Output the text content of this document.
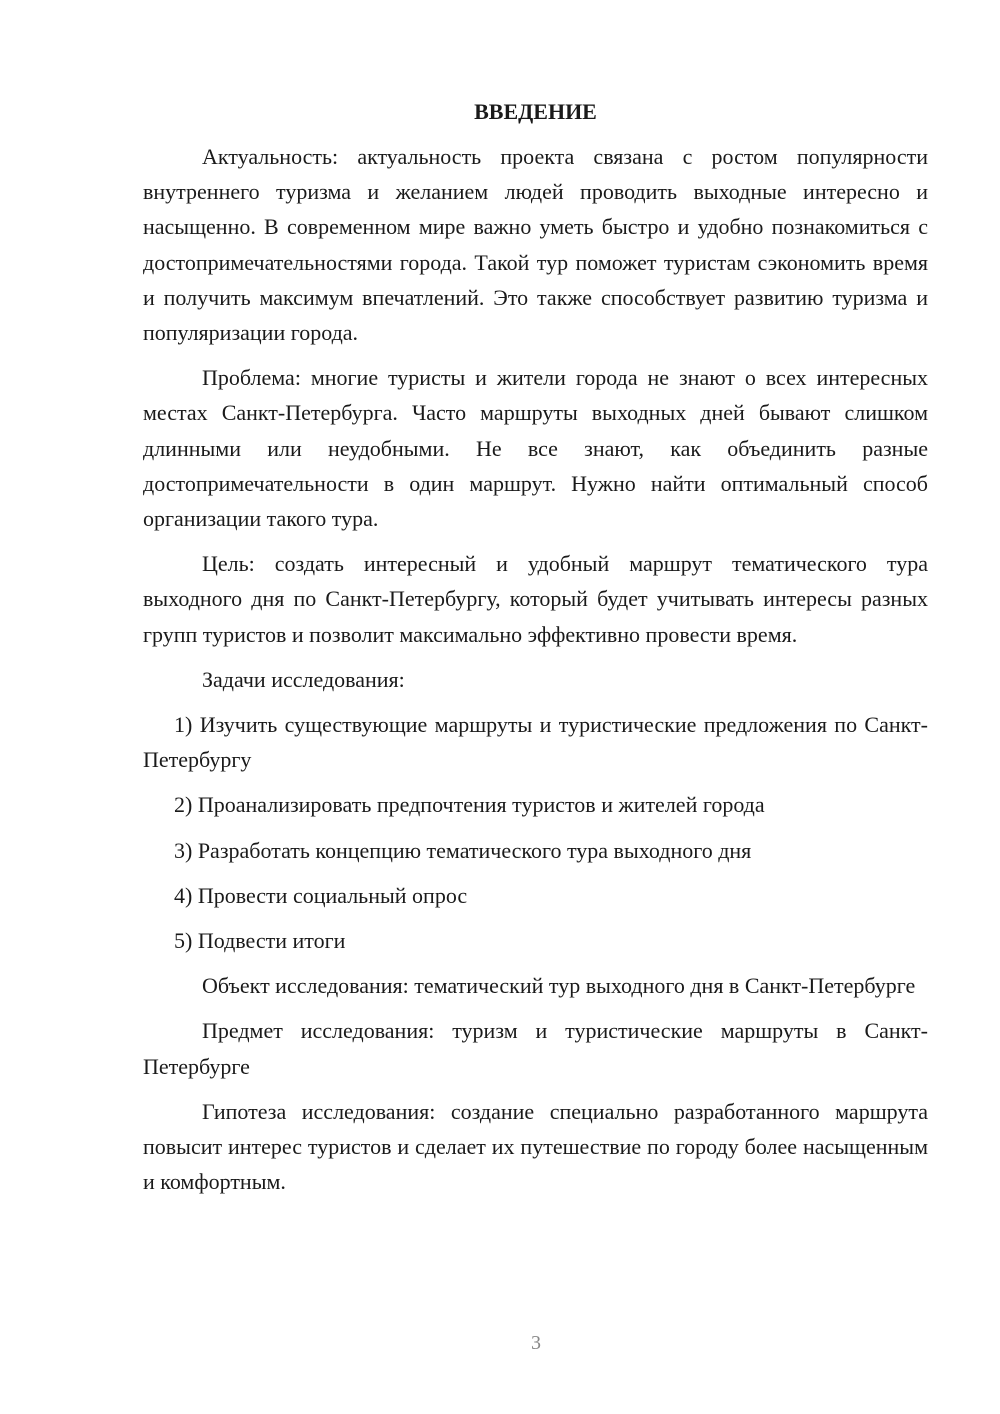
ВВЕДЕНИЕ

Актуальность: актуальность проекта связана с ростом популярности внутреннего туризма и желанием людей проводить выходные интересно и насыщенно. В современном мире важно уметь быстро и удобно познакомиться с достопримечательностями города. Такой тур поможет туристам сэкономить время и получить максимум впечатлений. Это также способствует развитию туризма и популяризации города.

Проблема: многие туристы и жители города не знают о всех интересных местах Санкт-Петербурга. Часто маршруты выходных дней бывают слишком длинными или неудобными. Не все знают, как объединить разные достопримечательности в один маршрут. Нужно найти оптимальный способ организации такого тура.

Цель: создать интересный и удобный маршрут тематического тура выходного дня по Санкт-Петербургу, который будет учитывать интересы разных групп туристов и позволит максимально эффективно провести время.

Задачи исследования:

1) Изучить существующие маршруты и туристические предложения по Санкт-Петербургу

2) Проанализировать предпочтения туристов и жителей города

3) Разработать концепцию тематического тура выходного дня

4) Провести социальный опрос

5) Подвести итоги

Объект исследования: тематический тур выходного дня в Санкт-Петербурге

Предмет исследования: туризм и туристические маршруты в Санкт-Петербурге

Гипотеза исследования: создание специально разработанного маршрута повысит интерес туристов и сделает их путешествие по городу более насыщенным и комфортным.

3
